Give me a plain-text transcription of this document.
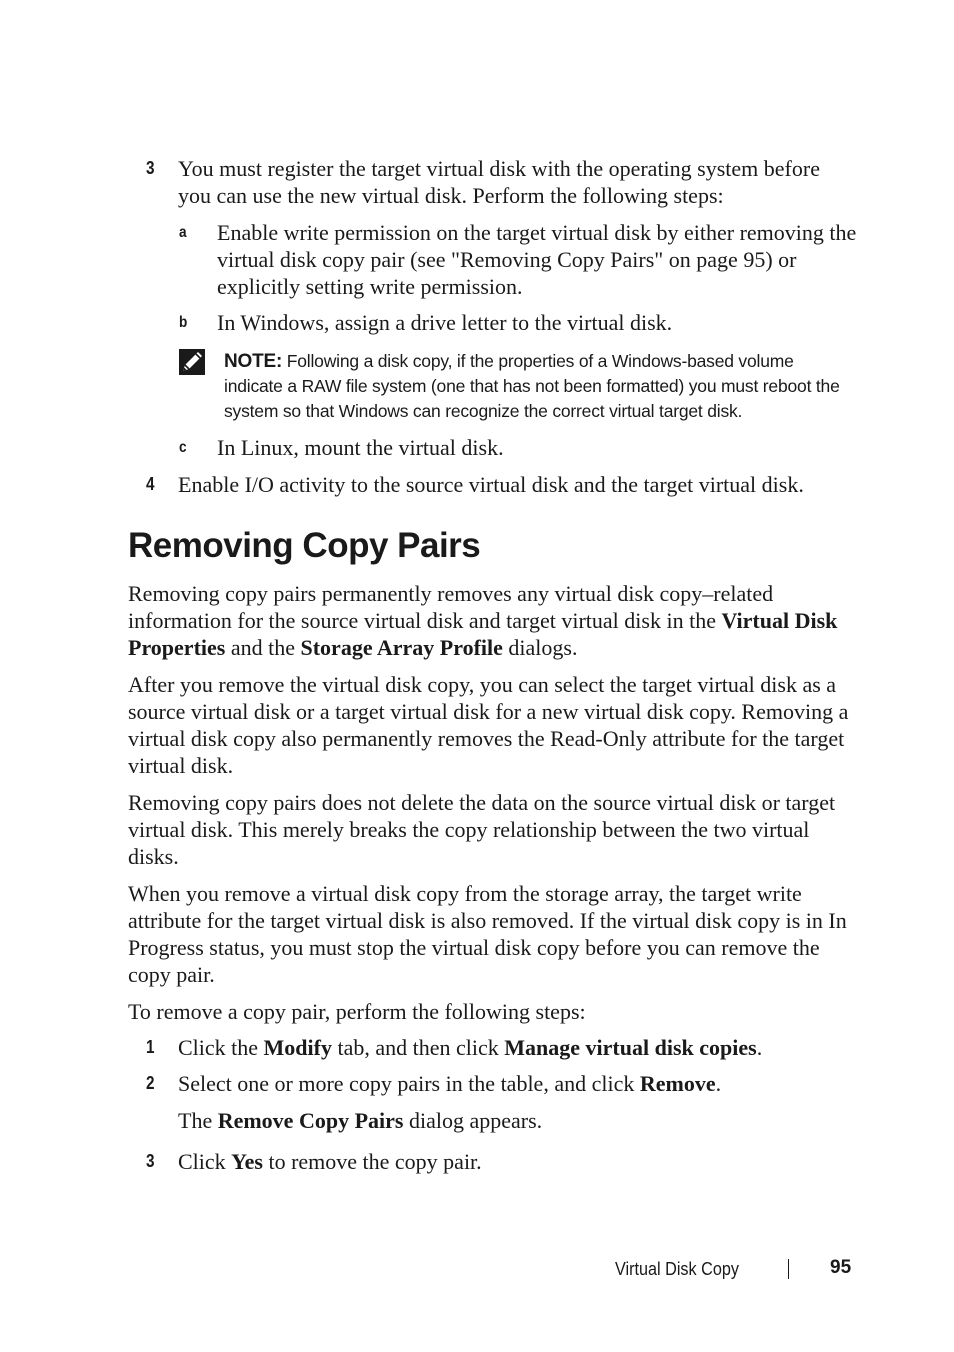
3 You must register the target virtual disk with the operating system before you can use the new virtual disk. Perform the following steps:

a Enable write permission on the target virtual disk by either removing the virtual disk copy pair (see "Removing Copy Pairs" on page 95) or explicitly setting write permission.

b In Windows, assign a drive letter to the virtual disk.

NOTE: Following a disk copy, if the properties of a Windows-based volume indicate a RAW file system (one that has not been formatted) you must reboot the system so that Windows can recognize the correct virtual target disk.

c In Linux, mount the virtual disk.

4 Enable I/O activity to the source virtual disk and the target virtual disk.

Removing Copy Pairs

Removing copy pairs permanently removes any virtual disk copy–related information for the source virtual disk and target virtual disk in the Virtual Disk Properties and the Storage Array Profile dialogs.

After you remove the virtual disk copy, you can select the target virtual disk as a source virtual disk or a target virtual disk for a new virtual disk copy. Removing a virtual disk copy also permanently removes the Read-Only attribute for the target virtual disk.

Removing copy pairs does not delete the data on the source virtual disk or target virtual disk. This merely breaks the copy relationship between the two virtual disks.

When you remove a virtual disk copy from the storage array, the target write attribute for the target virtual disk is also removed. If the virtual disk copy is in In Progress status, you must stop the virtual disk copy before you can remove the copy pair.

To remove a copy pair, perform the following steps:

1 Click the Modify tab, and then click Manage virtual disk copies.

2 Select one or more copy pairs in the table, and click Remove.

The Remove Copy Pairs dialog appears.

3 Click Yes to remove the copy pair.

Virtual Disk Copy	95
